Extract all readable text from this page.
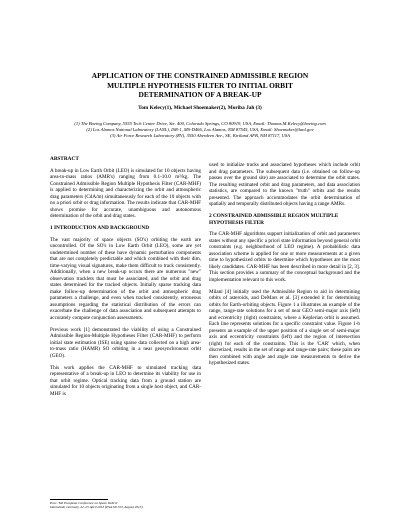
APPLICATION OF THE CONSTRAINED ADMISSIBLE REGION
MULTIPLE HYPOTHESIS FILTER TO INITIAL ORBIT
DETERMINATION OF A BREAK-UP
Tom Kelecy(1), Michael Shoemaker(2), Moriba Jah (3)
(1) The Boeing Company, 5555 Tech Center Drive, Ste. 400, Colorado Springs, CO 80919, USA, Email: Thomas.M.Kelecy@boeing.com
(2) Los Alamos National Laboratory (LANL), ISR-1, MS-D466, Los Alamos, NM 87545, USA, Email: Shoemaker@lanl.gov
(3) Air Force Research Laboratory (RV), 3550 Aberdeen Ave., SE, Kirtland AFB, NM 87117, USA
ABSTRACT
A break-up in Low Earth Orbit (LEO) is simulated for 10 objects having area-to-mass ratios (AMR's) ranging from 0.1-10.0 m²/kg. The Constrained Admissible Region Multiple Hypothesis Filter (CAR-MHF) is applied to determining and characterizing the orbit and atmospheric drag parameters (CdA/m) simultaneously for each of the 10 objects with no a priori orbit or drag information. The results indicate that CAR-MHF shows promise for accurate, unambiguous and autonomous determination of the orbit and drag states.
1 INTRODUCTION AND BACKGROUND
The vast majority of space objects (SO's) orbiting the earth are uncontrolled. Of the SO's in Low Earth Orbit (LEO), some are yet undetermined number of these have dynamic perturbation components that are not completely predictable and which combined with their dim, time-varying visual signatures, make them difficult to track consistently. Additionally, when a new break-up occurs there are numerous "new" observation tracklets that must be associated, and the orbit and drag states determined for the tracked objects. Initially sparse tracking data make follow-up determination of the orbit and atmospheric drag parameters a challenge, and even when tracked consistently, erroneous assumptions regarding the statistical distribution of the errors can exacerbate the challenge of data association and subsequent attempts to accurately compute conjunction assessments.
Previous work [1] demonstrated the viability of using a Constrained Admissible Region-Multiple Hypotheses Filter (CAR-MHF) to perform initial state estimation (ISE) using sparse data collected on a high area-to-mass ratio (HAMR) SO orbiting in a near geosynchronous orbit (GEO).
This work applies the CAR-MHF to simulated tracking data representative of a break-up in LEO to determine its viability for use in that orbit regime. Optical tracking data from a ground station are simulated for 10 objects originating from a single host object, and CAR-MHF is
used to initialize tracks and associated hypotheses which include orbit and drag parameters. The subsequent data (i.e. obtained on follow-up passes over the ground site) are associated to determine the orbit states. The resulting estimated orbit and drag parameters, and data association statistics, are compared to the known "truth" orbits and the results presented. The approach accommodates the orbit determination of spatially and temporally distributed objects having a range AMRs.
2 CONSTRAINED ADMISSIBLE REGION MULTIPLE HYPOTHESIS FILTER
The CAR-MHF algorithms support initialization of orbit and parameters states without any specific a priori state information beyond general orbit constraints (e.g. neighborhood of LEO regime). A probabilistic data association scheme is applied for one or more measurements at a given time to hypothesized orbits to determine which hypotheses are the most likely candidates. CAR-MHF has been described in more detail in [2, 3]. This section provides a summary of the conceptual background and the implementation relevant to this work.
Milani [4] initially used the Admissible Region to aid in determining orbits of asteroids, and DeMars et al. [3] extended it for determining orbits for Earth-orbiting objects. Figure 1 a illustrates an example of the range, range-rate solutions for a set of near GEO semi-major axis (left) and eccentricity (right) constraints, where a Keplerian orbit is assumed. Each line represents solutions for a specific constraint value. Figure 1-b presents an example of the upper position of a single set of semi-major axis and eccentricity constraints (left) and the region of intersection (right) for each of the constraints. This is the 'CAR' which, when discretized, results in the set of range and range-rate pairs; these pairs are then combined with angle and angle rate measurements to derive the hypothesized states.
Proc. '6th European Conference on Space Debris'
Darmstadt, Germany, 22–25 April 2013 (ESA SP-723, August 2013)
